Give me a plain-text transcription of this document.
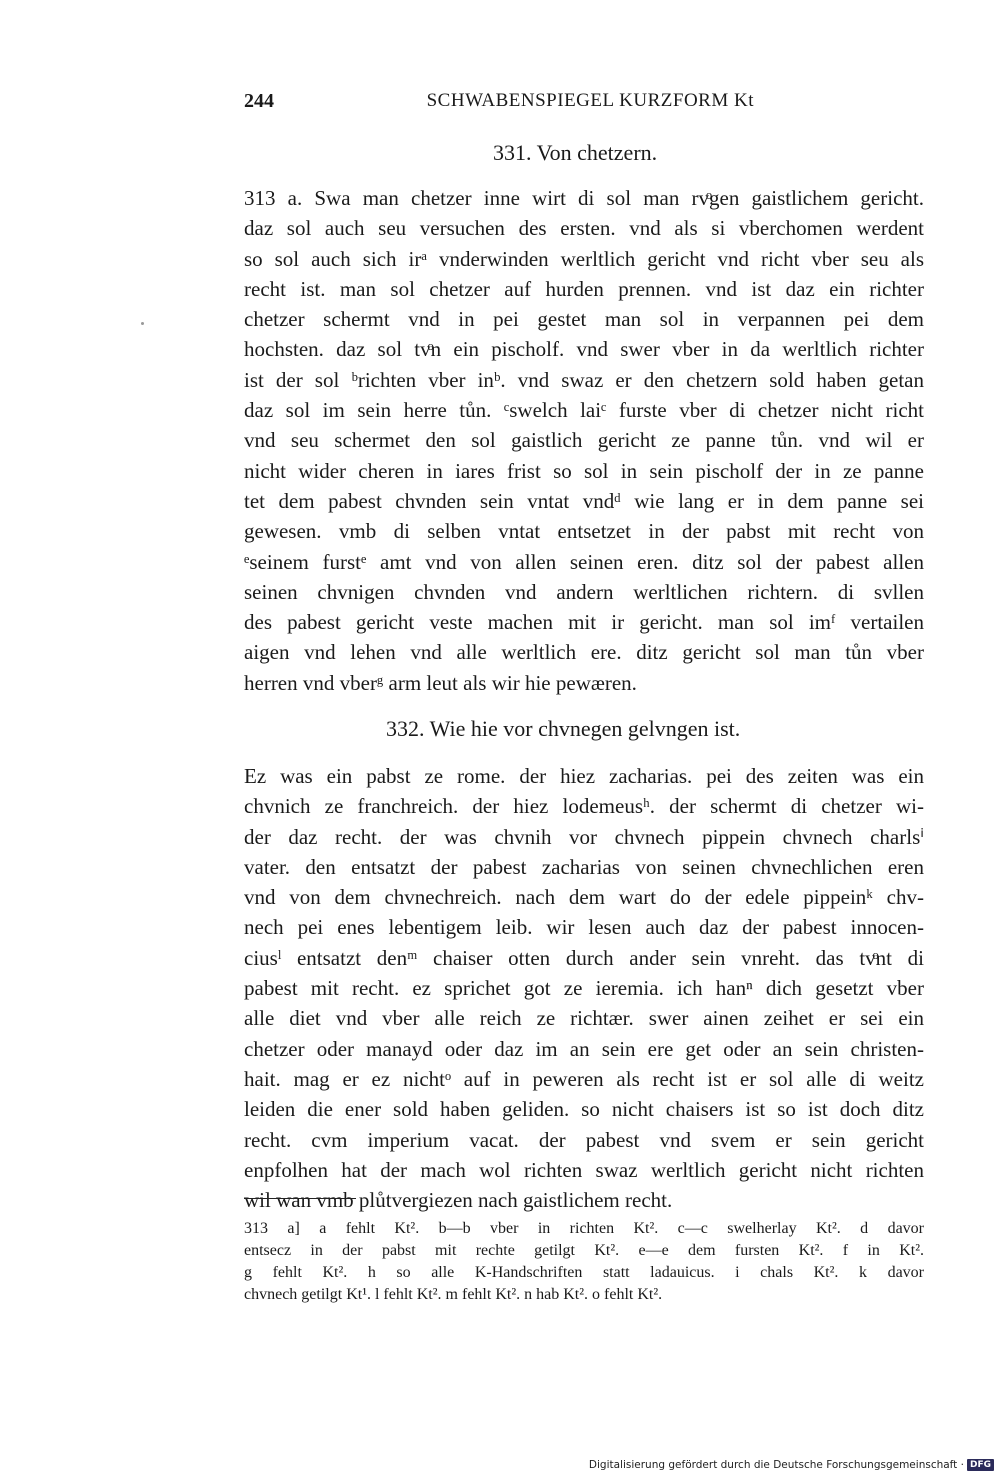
244	SCHWABENSPIEGEL KURZFORM Kt
331. Von chetzern.
313 a. Swa man chetzer inne wirt di sol man rvͦgen gaistlichem gericht.
daz sol auch seu versuchen des ersten. vnd als si vberchomen werdent
so sol auch sich irᵃ vnderwinden werltlich gericht vnd richt vber seu als
recht ist. man sol chetzer auf hurden prennen. vnd ist daz ein richter
chetzer schermt vnd in pei gestet man sol in verpannen pei dem
hochsten. daz sol tvͦn ein pischolf. vnd swer vber in da werltlich richter
ist der sol ᵇrichten vber inᵇ. vnd swaz er den chetzern sold haben getan
daz sol im sein herre tůn. ᶜswelch laiᶜ furste vber di chetzer nicht richt
vnd seu schermet den sol gaistlich gericht ze panne tůn. vnd wil er
nicht wider cheren in iares frist so sol in sein pischolf der in ze panne
tet dem pabest chvnden sein vntat vndᵈ wie lang er in dem panne sei
gewesen. vmb di selben vntat entsetzet in der pabst mit recht von
ᵉseinem furstᵉ amt vnd von allen seinen eren. ditz sol der pabest allen
seinen chvnigen chvnden vnd andern werltlichen richtern. di svllen
des pabest gericht veste machen mit ir gericht. man sol imᶠ vertailen
aigen vnd lehen vnd alle werltlich ere. ditz gericht sol man tůn vber
herren vnd vberᵍ arm leut als wir hie pewæren.
332. Wie hie vor chvnegen gelvngen ist.
Ez was ein pabst ze rome. der hiez zacharias. pei des zeiten was ein
chvnich ze franchreich. der hiez lodemeusʰ. der schermt di chetzer wi-
der daz recht. der was chvnih vor chvnech pippein chvnech charlsⁱ
vater. den entsatzt der pabest zacharias von seinen chvnechlichen eren
vnd von dem chvnechreich. nach dem wart do der edele pippeinᵏ chv-
nech pei enes lebentigem leib. wir lesen auch daz der pabest innocen-
ciusˡ entsatzt denᵐ chaiser otten durch ander sein vnreht. das tvͦnt di
pabest mit recht. ez sprichet got ze ieremia. ich hanⁿ dich gesetzt vber
alle diet vnd vber alle reich ze richtær. swer ainen zeihet er sei ein
chetzer oder manayd oder daz im an sein ere get oder an sein christen-
hait. mag er ez nichtᵒ auf in peweren als recht ist er sol alle di weitz
leiden die ener sold haben geliden. so nicht chaisers ist so ist doch ditz
recht. cvm imperium vacat. der pabest vnd svem er sein gericht
enpfolhen hat der mach wol richten swaz werltlich gericht nicht richten
wil wan vmb plůtvergiezen nach gaistlichem recht.
313 a] a fehlt Kt². b—b vber in richten Kt². c—c swelherlay Kt². d davor
entsecz in der pabst mit rechte getilgt Kt². e—e dem fursten Kt². f in Kt².
g fehlt Kt². h so alle K-Handschriften statt ladauicus. i chals Kt². k davor
chvnech getilgt Kt¹. l fehlt Kt². m fehlt Kt². n hab Kt². o fehlt Kt².
Digitalisierung gefördert durch die Deutsche Forschungsgemeinschaft · DFG
